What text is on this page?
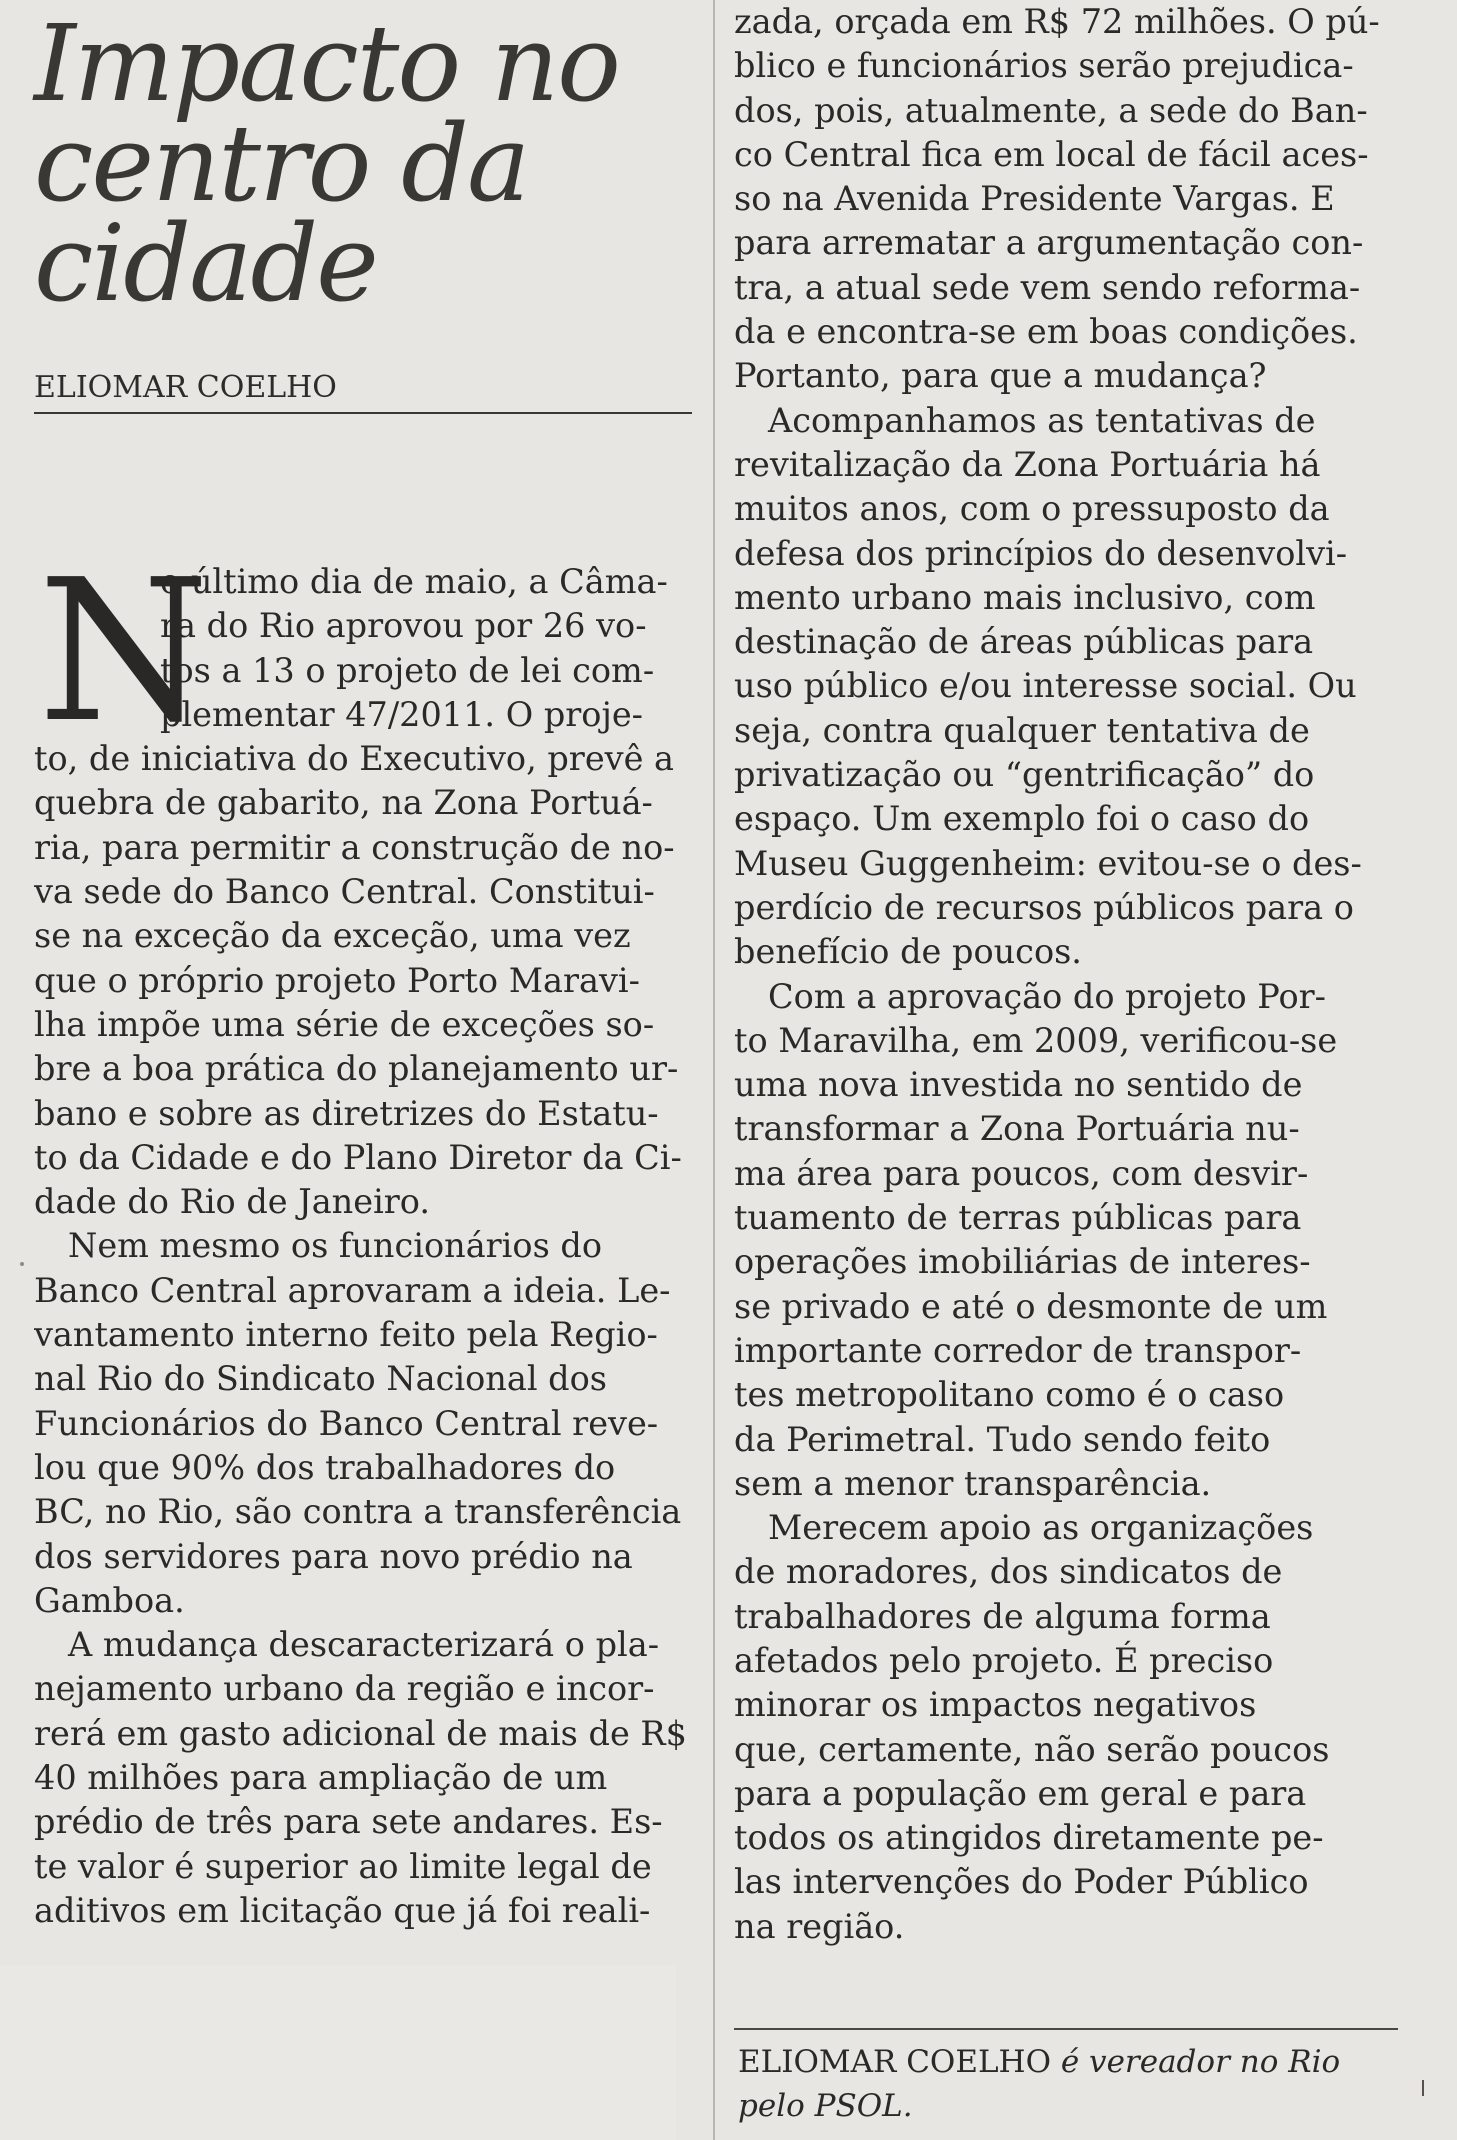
Impacto no
centro da
cidade
ELIOMAR COELHO
N
o último dia de maio, a Câma-
ra do Rio aprovou por 26 vo-
tos a 13 o projeto de lei com-
plementar 47/2011. O proje-
to, de iniciativa do Executivo, prevê a
quebra de gabarito, na Zona Portuá-
ria, para permitir a construção de no-
va sede do Banco Central. Constitui-
se na exceção da exceção, uma vez
que o próprio projeto Porto Maravi-
lha impõe uma série de exceções so-
bre a boa prática do planejamento ur-
bano e sobre as diretrizes do Estatu-
to da Cidade e do Plano Diretor da Ci-
dade do Rio de Janeiro.
Nem mesmo os funcionários do
Banco Central aprovaram a ideia. Le-
vantamento interno feito pela Regio-
nal Rio do Sindicato Nacional dos
Funcionários do Banco Central reve-
lou que 90% dos trabalhadores do
BC, no Rio, são contra a transferência
dos servidores para novo prédio na
Gamboa.
A mudança descaracterizará o pla-
nejamento urbano da região e incor-
rerá em gasto adicional de mais de R$
40 milhões para ampliação de um
prédio de três para sete andares. Es-
te valor é superior ao limite legal de
aditivos em licitação que já foi reali-
zada, orçada em R$ 72 milhões. O pú-
blico e funcionários serão prejudica-
dos, pois, atualmente, a sede do Ban-
co Central fica em local de fácil aces-
so na Avenida Presidente Vargas. E
para arrematar a argumentação con-
tra, a atual sede vem sendo reforma-
da e encontra-se em boas condições.
Portanto, para que a mudança?
Acompanhamos as tentativas de
revitalização da Zona Portuária há
muitos anos, com o pressuposto da
defesa dos princípios do desenvolvi-
mento urbano mais inclusivo, com
destinação de áreas públicas para
uso público e/ou interesse social. Ou
seja, contra qualquer tentativa de
privatização ou “gentrificação” do
espaço. Um exemplo foi o caso do
Museu Guggenheim: evitou-se o des-
perdício de recursos públicos para o
benefício de poucos.
Com a aprovação do projeto Por-
to Maravilha, em 2009, verificou-se
uma nova investida no sentido de
transformar a Zona Portuária nu-
ma área para poucos, com desvir-
tuamento de terras públicas para
operações imobiliárias de interes-
se privado e até o desmonte de um
importante corredor de transpor-
tes metropolitano como é o caso
da Perimetral. Tudo sendo feito
sem a menor transparência.
Merecem apoio as organizações
de moradores, dos sindicatos de
trabalhadores de alguma forma
afetados pelo projeto. É preciso
minorar os impactos negativos
que, certamente, não serão poucos
para a população em geral e para
todos os atingidos diretamente pe-
las intervenções do Poder Público
na região.
ELIOMAR COELHO é vereador no Rio
pelo PSOL.
